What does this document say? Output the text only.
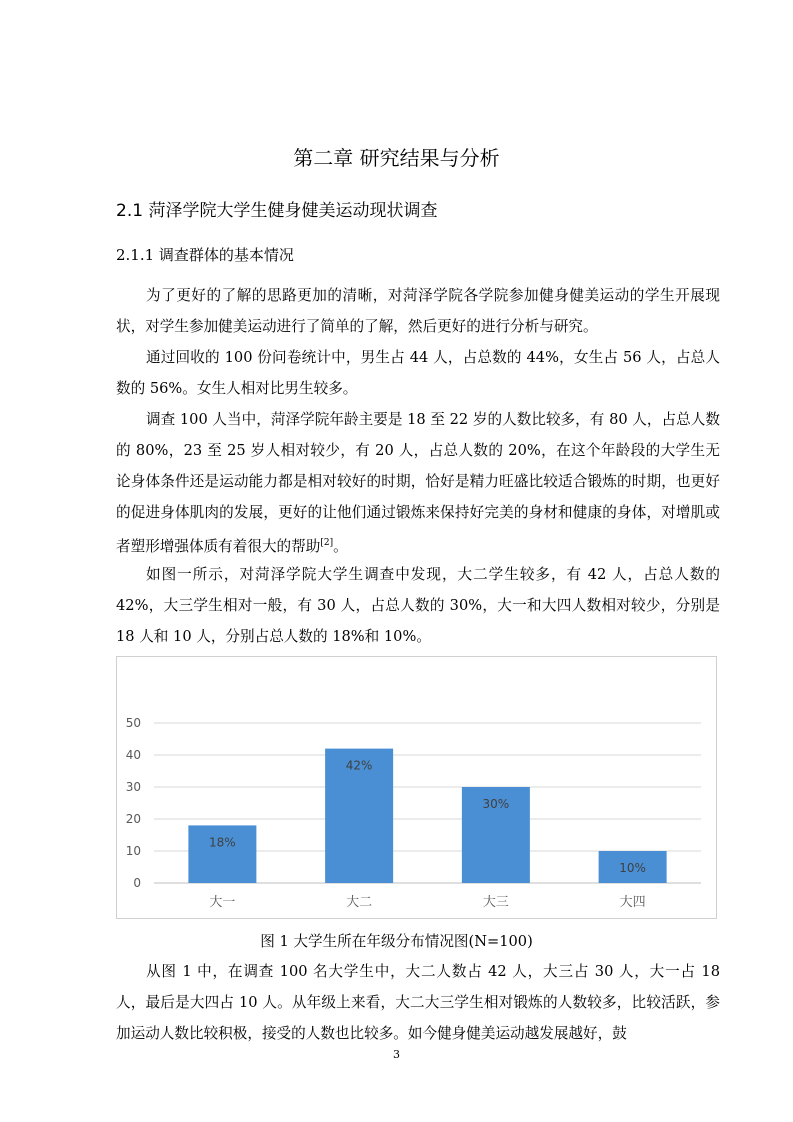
第二章 研究结果与分析
2.1 菏泽学院大学生健身健美运动现状调查
2.1.1 调查群体的基本情况

为了更好的了解的思路更加的清晰，对菏泽学院各学院参加健身健美运动的学生开展现状，对学生参加健美运动进行了简单的了解，然后更好的进行分析与研究。

通过回收的 100 份问卷统计中，男生占 44 人，占总数的 44%，女生占 56 人，占总人数的 56%。女生人相对比男生较多。

调查 100 人当中，菏泽学院年龄主要是 18 至 22 岁的人数比较多，有 80 人，占总人数的 80%，23 至 25 岁人相对较少，有 20 人，占总人数的 20%，在这个年龄段的大学生无论身体条件还是运动能力都是相对较好的时期，恰好是精力旺盛比较适合锻炼的时期，也更好的促进身体肌肉的发展，更好的让他们通过锻炼来保持好完美的身材和健康的身体，对增肌或者塑形增强体质有着很大的帮助[2]。

如图一所示，对菏泽学院大学生调查中发现，大二学生较多，有 42 人，占总人数的 42%，大三学生相对一般，有 30 人，占总人数的 30%，大一和大四人数相对较少，分别是 18 人和 10 人，分别占总人数的 18%和 10%。

0
10
20
30
40
50
18%
大一
42%
大二
30%
大三
10%
大四
图 1 大学生所在年级分布情况图(N=100)

从图 1 中，在调查 100 名大学生中，大二人数占 42 人，大三占 30 人，大一占 18 人，最后是大四占 10 人。从年级上来看，大二大三学生相对锻炼的人数较多，比较活跃，参加运动人数比较积极，接受的人数也比较多。如今健身健美运动越发展越好，鼓

3
